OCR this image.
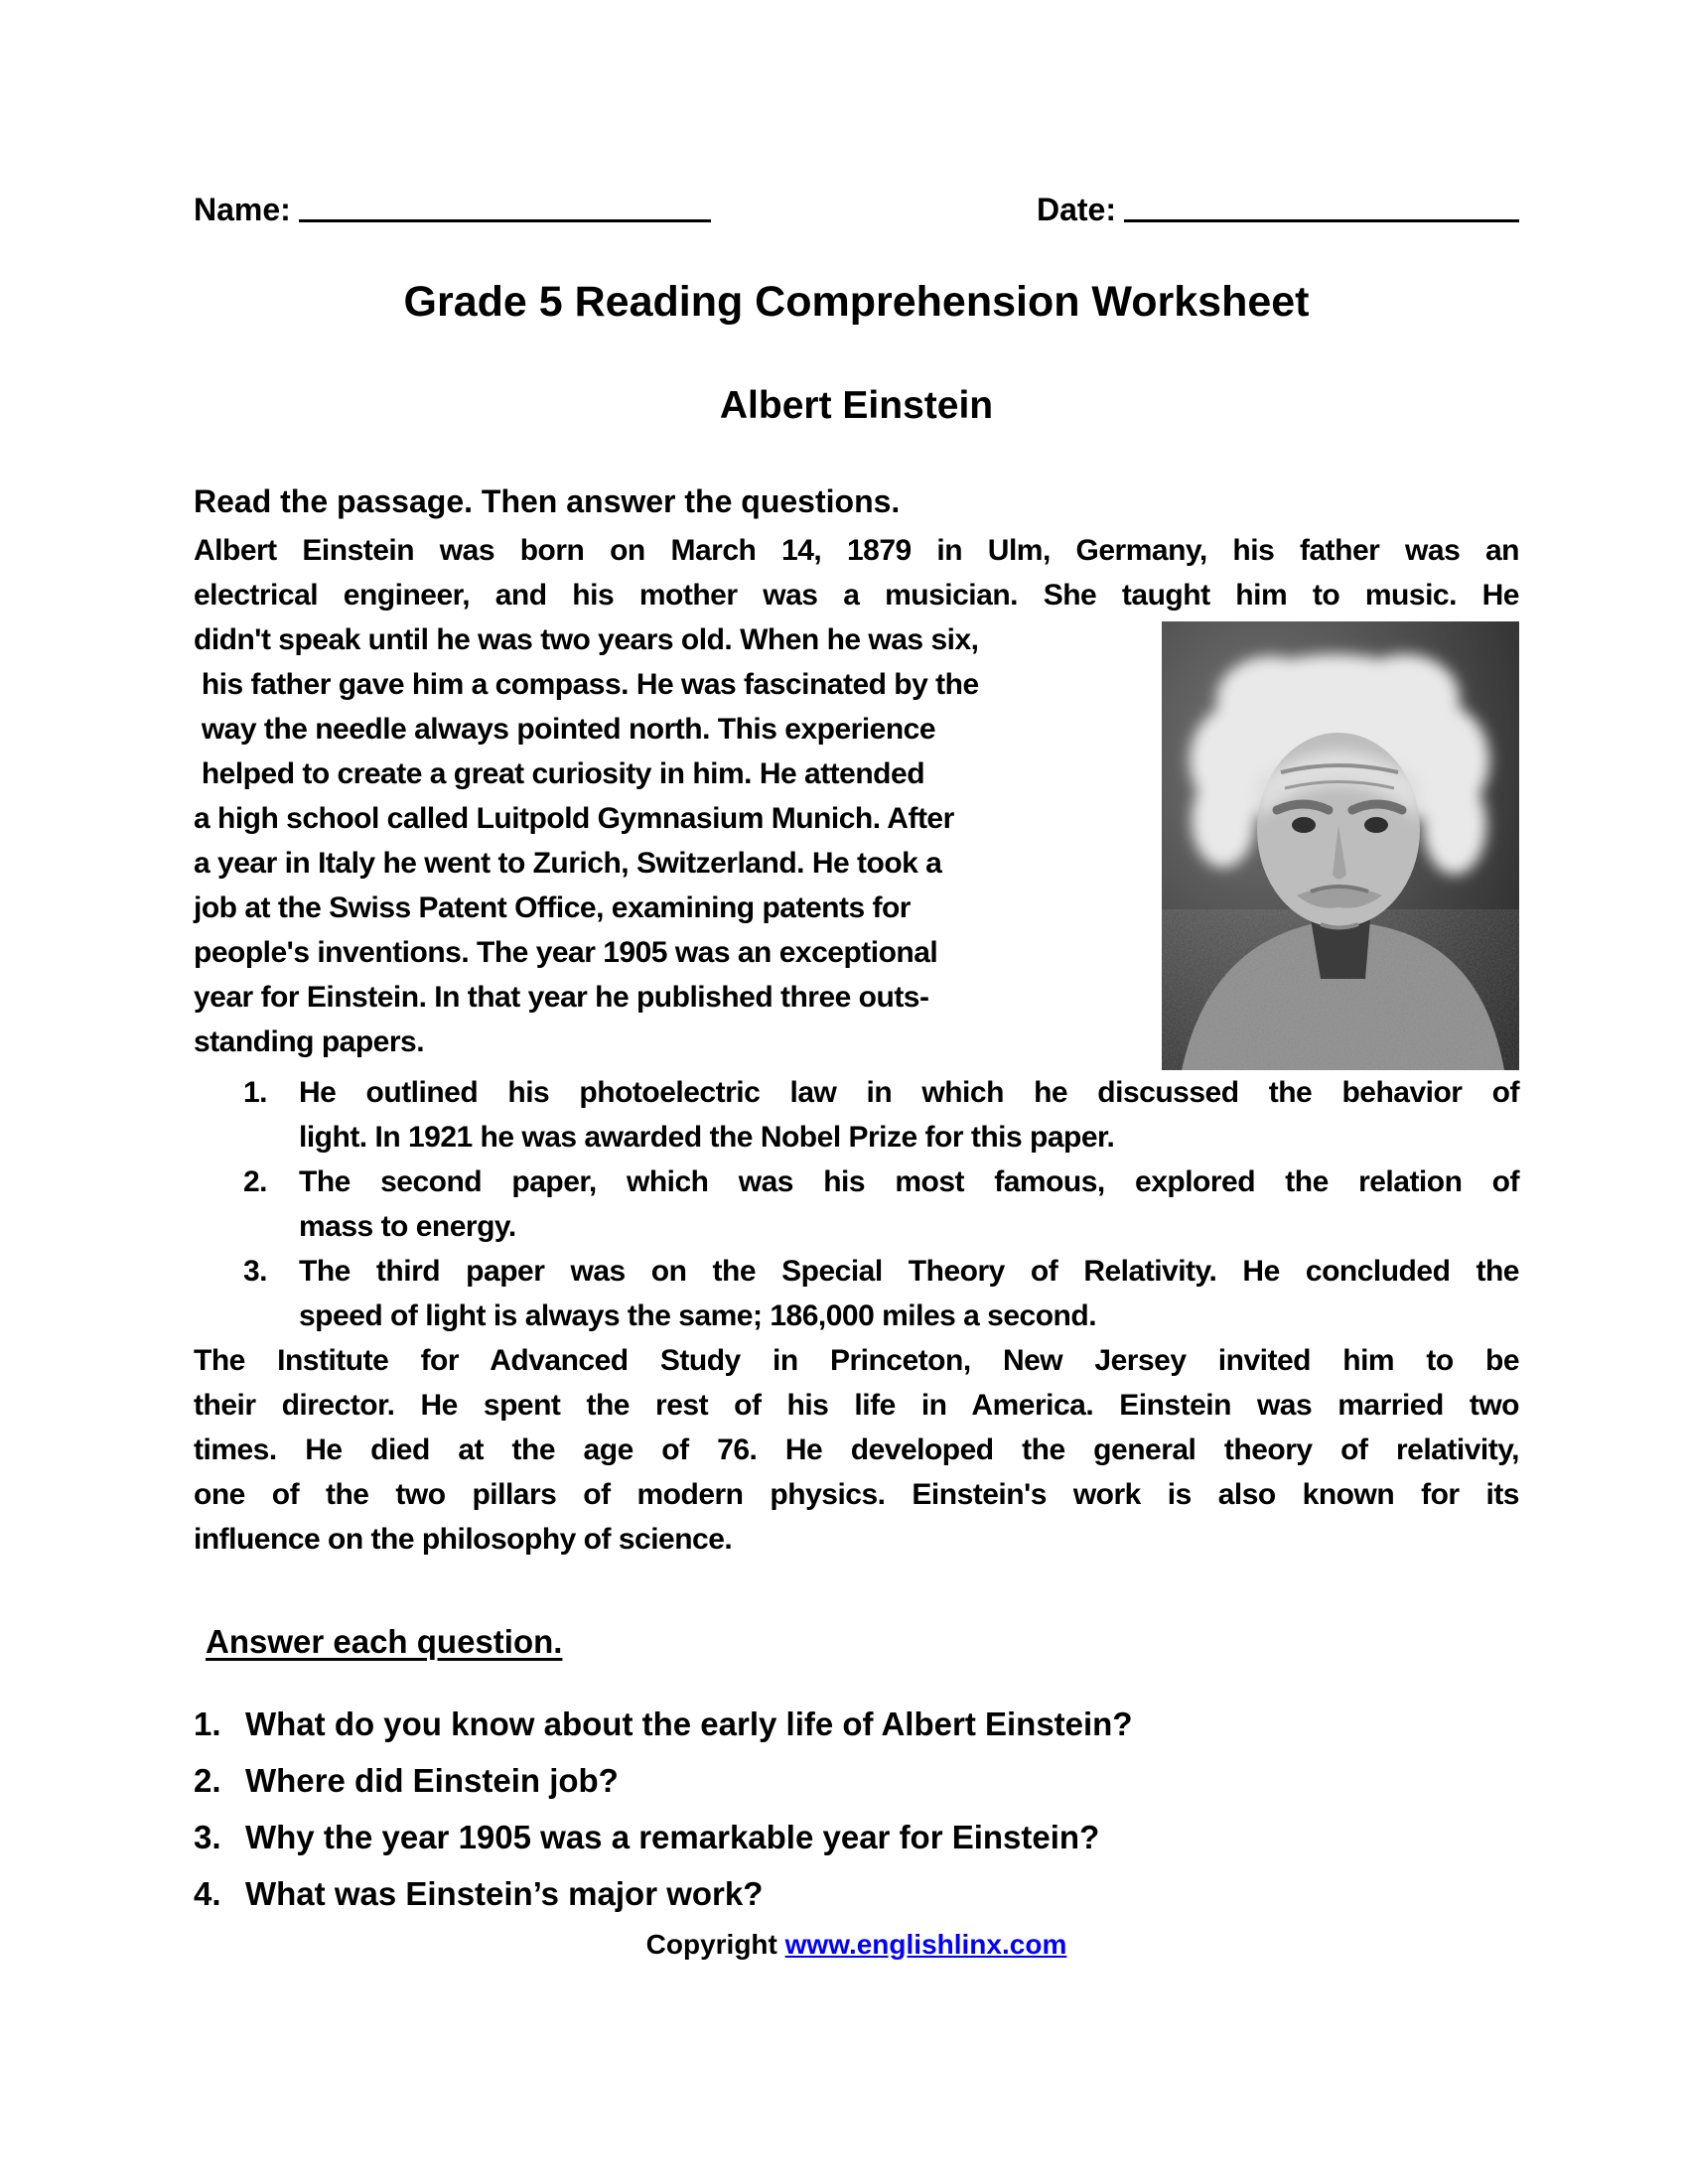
Name:	Date:
Grade 5 Reading Comprehension Worksheet
Albert Einstein

Read the passage. Then answer the questions.

Albert Einstein was born on March 14, 1879 in Ulm, Germany, his father was an
electrical engineer, and his mother was a musician. She taught him to music. He
didn't speak until he was two years old. When he was six,
his father gave him a compass. He was fascinated by the
way the needle always pointed north. This experience
helped to create a great curiosity in him. He attended
a high school called Luitpold Gymnasium Munich. After
a year in Italy he went to Zurich, Switzerland. He took a
job at the Swiss Patent Office, examining patents for
people's inventions. The year 1905 was an exceptional
year for Einstein. In that year he published three outs-
standing papers.
1.	He outlined his photoelectric law in which he discussed the behavior of
light. In 1921 he was awarded the Nobel Prize for this paper.
2.	The second paper, which was his most famous, explored the relation of
mass to energy.
3.	The third paper was on the Special Theory of Relativity. He concluded the
speed of light is always the same; 186,000 miles a second.
The Institute for Advanced Study in Princeton, New Jersey invited him to be
their director. He spent the rest of his life in America. Einstein was married two
times. He died at the age of 76. He developed the general theory of relativity,
one of the two pillars of modern physics. Einstein's work is also known for its
influence on the philosophy of science.
Answer each question.
1. What do you know about the early life of Albert Einstein?
2. Where did Einstein job?
3. Why the year 1905 was a remarkable year for Einstein?
4. What was Einstein’s major work?
Copyright www.englishlinx.com
